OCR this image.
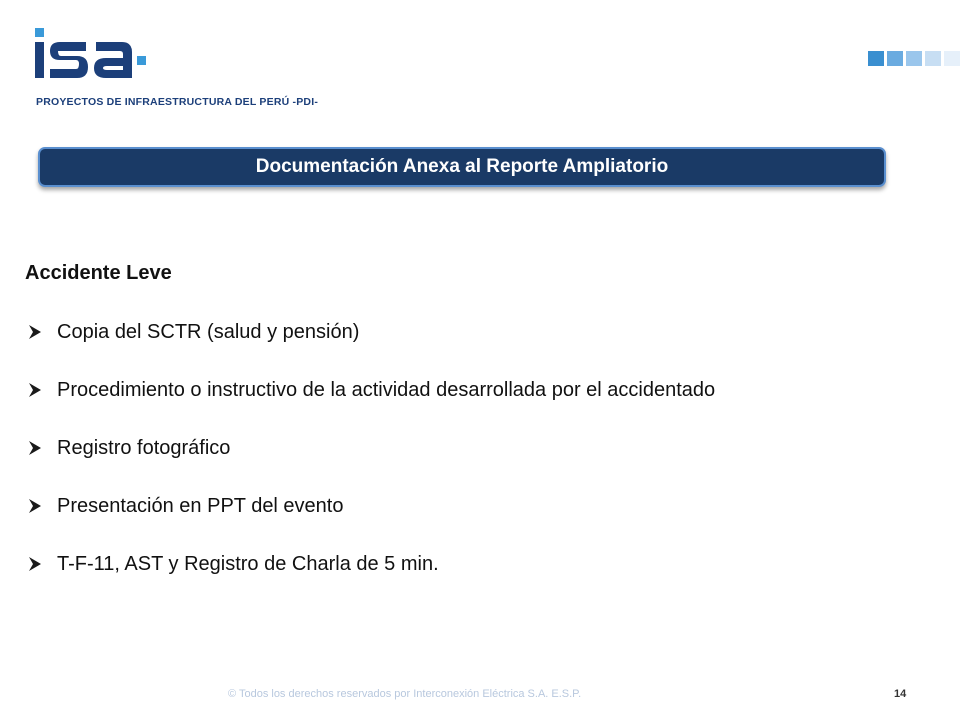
PROYECTOS DE INFRAESTRUCTURA DEL PERÚ -PDI-
Documentación Anexa al Reporte Ampliatorio
Accidente Leve
Copia del SCTR (salud y pensión)
Procedimiento o instructivo de la actividad desarrollada por el accidentado
Registro fotográfico
Presentación en PPT del evento
T-F-11, AST y Registro de Charla de 5 min.
© Todos los derechos reservados por Interconexión Eléctrica S.A. E.S.P.	14
